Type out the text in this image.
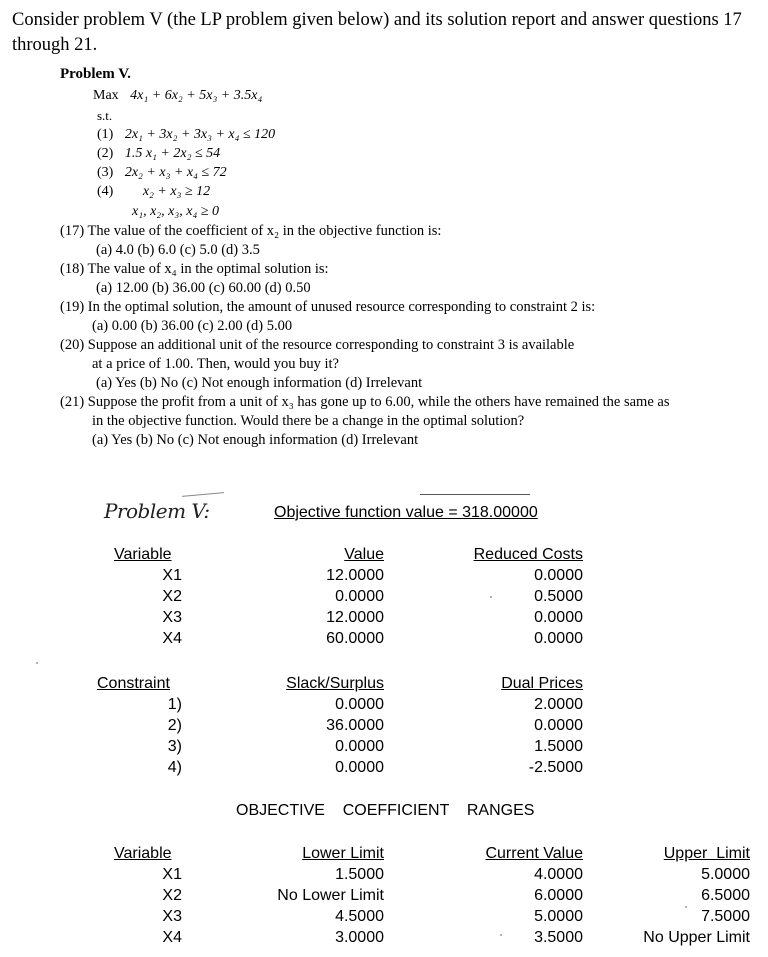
Consider problem V (the LP problem given below) and its solution report and answer questions 17 through 21.
Problem V.
Max 4x₁ + 6x₂ + 5x₃ + 3.5x₄
s.t.
(1) 2x₁ + 3x₂ + 3x₃ + x₄ ≤ 120
(2) 1.5 x₁ + 2x₂ ≤ 54
(3) 2x₂ + x₃ + x₄ ≤ 72
(4) x₂ + x₃ ≥ 12
x₁, x₂, x₃, x₄ ≥ 0
(17) The value of the coefficient of x₂ in the objective function is:
(a) 4.0 (b) 6.0 (c) 5.0 (d) 3.5
(18) The value of x₄ in the optimal solution is:
(a) 12.00 (b) 36.00 (c) 60.00 (d) 0.50
(19) In the optimal solution, the amount of unused resource corresponding to constraint 2 is:
(a) 0.00 (b) 36.00 (c) 2.00 (d) 5.00
(20) Suppose an additional unit of the resource corresponding to constraint 3 is available
at a price of 1.00. Then, would you buy it?
(a) Yes (b) No (c) Not enough information (d) Irrelevant
(21) Suppose the profit from a unit of x₃ has gone up to 6.00, while the others have remained the same as
in the objective function. Would there be a change in the optimal solution?
(a) Yes (b) No (c) Not enough information (d) Irrelevant
Problem V:	Objective function value = 318.00000
Variable	Value	Reduced Costs
X1	12.0000	0.0000
X2	0.0000	0.5000
X3	12.0000	0.0000
X4	60.0000	0.0000
Constraint	Slack/Surplus	Dual Prices
1)	0.0000	2.0000
2)	36.0000	0.0000
3)	0.0000	1.5000
4)	0.0000	-2.5000
OBJECTIVE    COEFFICIENT    RANGES
Variable	Lower Limit	Current Value	Upper  Limit
X1	1.5000	4.0000	5.0000
X2	No Lower Limit	6.0000	6.5000
X3	4.5000	5.0000	7.5000
X4	3.0000	3.5000	No Upper Limit
